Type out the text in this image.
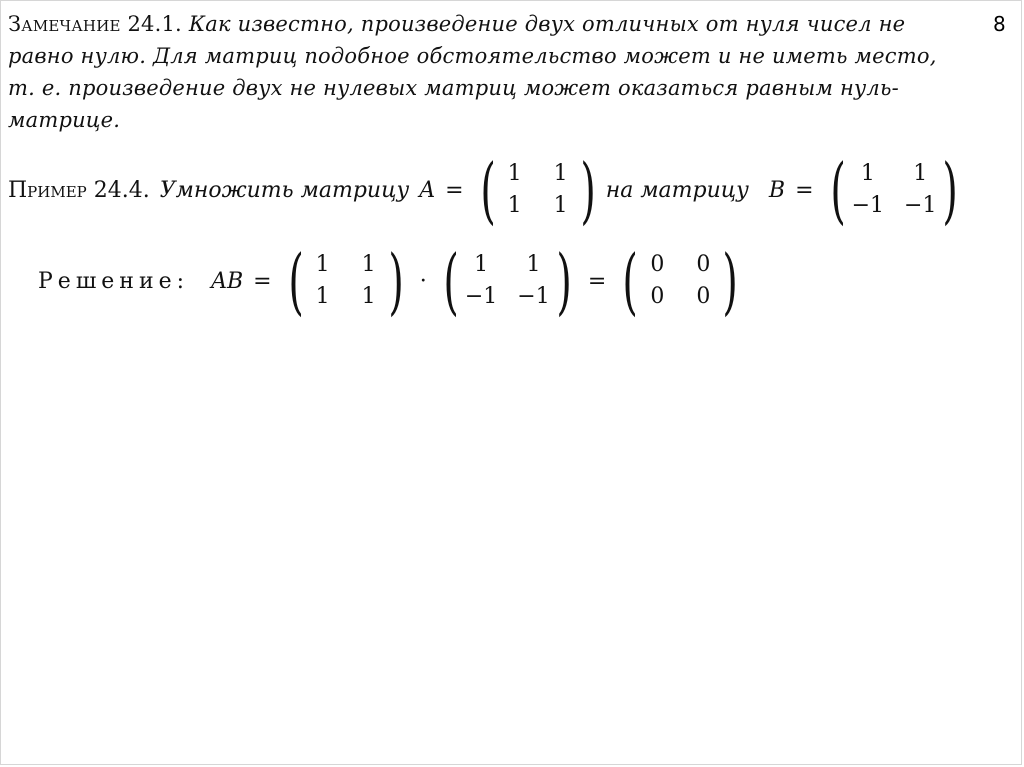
8
Замечание 24.1. Как известно, произведение двух отличных от нуля чисел не равно нулю. Для матриц подобное обстоятельство может и не иметь место, т. е. произведение двух не нулевых матриц может оказаться равным нуль-матрице.
Пример 24.4. Умножить матрицу A = ( 1 1
1 1 ) на матрицу B = ( 1	1
−1 −1 )
Решение: AB = ( 1 1
1 1 ) · ( 1	1
−1 −1 ) = ( 0 0
0 0 )
